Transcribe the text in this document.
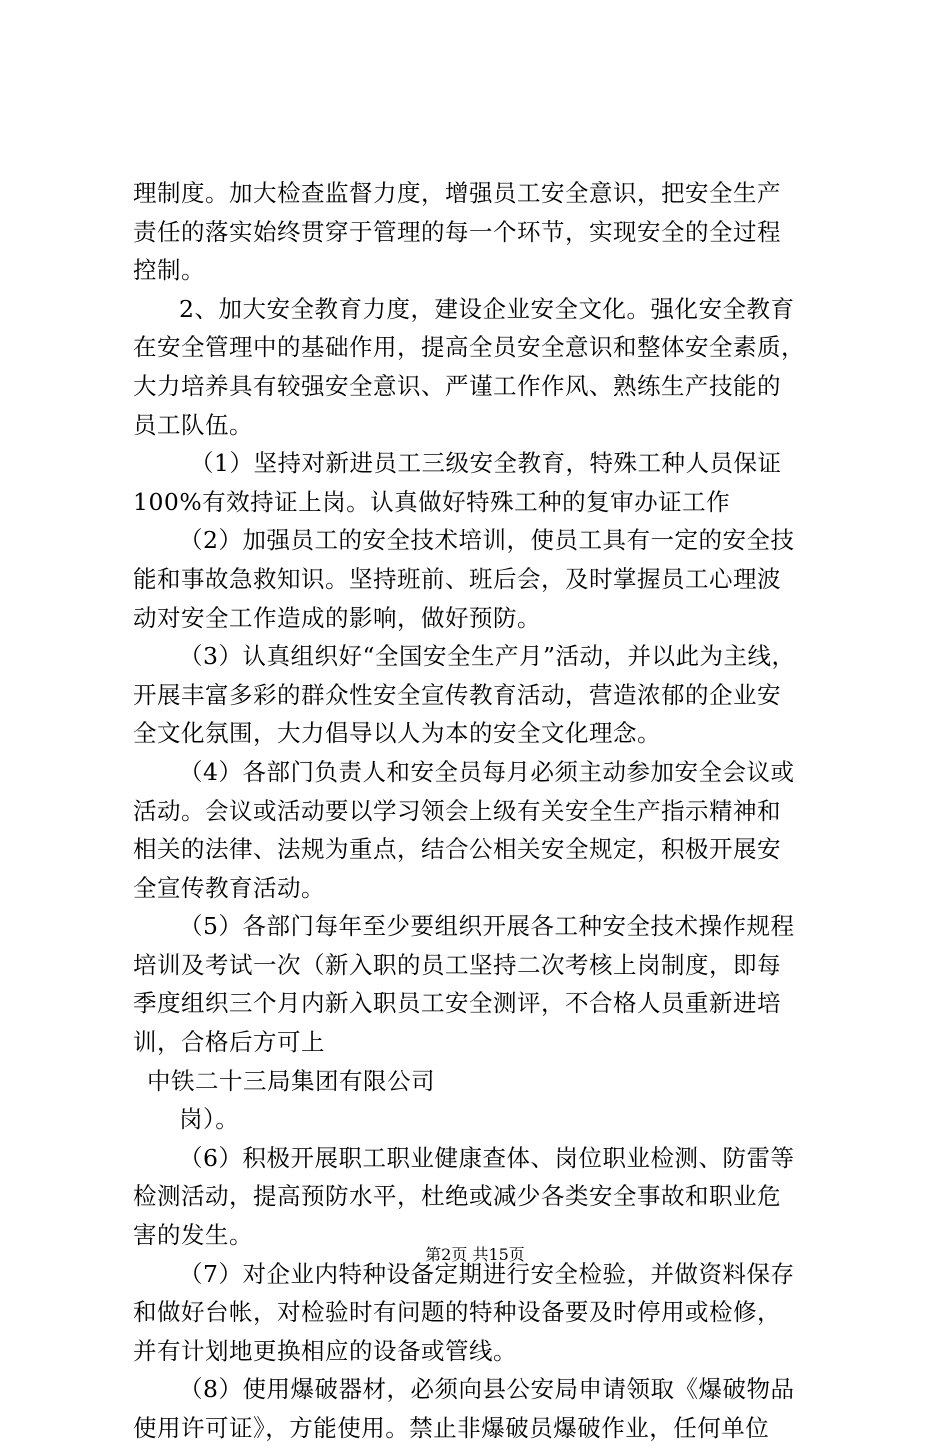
理制度。加大检查监督力度，增强员工安全意识，把安全生产
责任的落实始终贯穿于管理的每一个环节，实现安全的全过程
控制。
2、加大安全教育力度，建设企业安全文化。强化安全教育
在安全管理中的基础作用，提高全员安全意识和整体安全素质，
大力培养具有较强安全意识、严谨工作作风、熟练生产技能的
员工队伍。
（1）坚持对新进员工三级安全教育，特殊工种人员保证
100%有效持证上岗。认真做好特殊工种的复审办证工作
（2）加强员工的安全技术培训，使员工具有一定的安全技
能和事故急救知识。坚持班前、班后会，及时掌握员工心理波
动对安全工作造成的影响，做好预防。
（3）认真组织好“全国安全生产月”活动，并以此为主线，
开展丰富多彩的群众性安全宣传教育活动，营造浓郁的企业安
全文化氛围，大力倡导以人为本的安全文化理念。
（4）各部门负责人和安全员每月必须主动参加安全会议或
活动。会议或活动要以学习领会上级有关安全生产指示精神和
相关的法律、法规为重点，结合公相关安全规定，积极开展安
全宣传教育活动。
（5）各部门每年至少要组织开展各工种安全技术操作规程
培训及考试一次（新入职的员工坚持二次考核上岗制度，即每
季度组织三个月内新入职员工安全测评，不合格人员重新进培
训，合格后方可上
中铁二十三局集团有限公司
岗）。
（6）积极开展职工职业健康查体、岗位职业检测、防雷等
检测活动，提高预防水平，杜绝或减少各类安全事故和职业危
害的发生。
（7）对企业内特种设备定期进行安全检验，并做资料保存
和做好台帐，对检验时有问题的特种设备要及时停用或检修，
并有计划地更换相应的设备或管线。
（8）使用爆破器材，必须向县公安局申请领取《爆破物品
使用许可证》，方能使用。禁止非爆破员爆破作业，任何单位
第2页 共15页
